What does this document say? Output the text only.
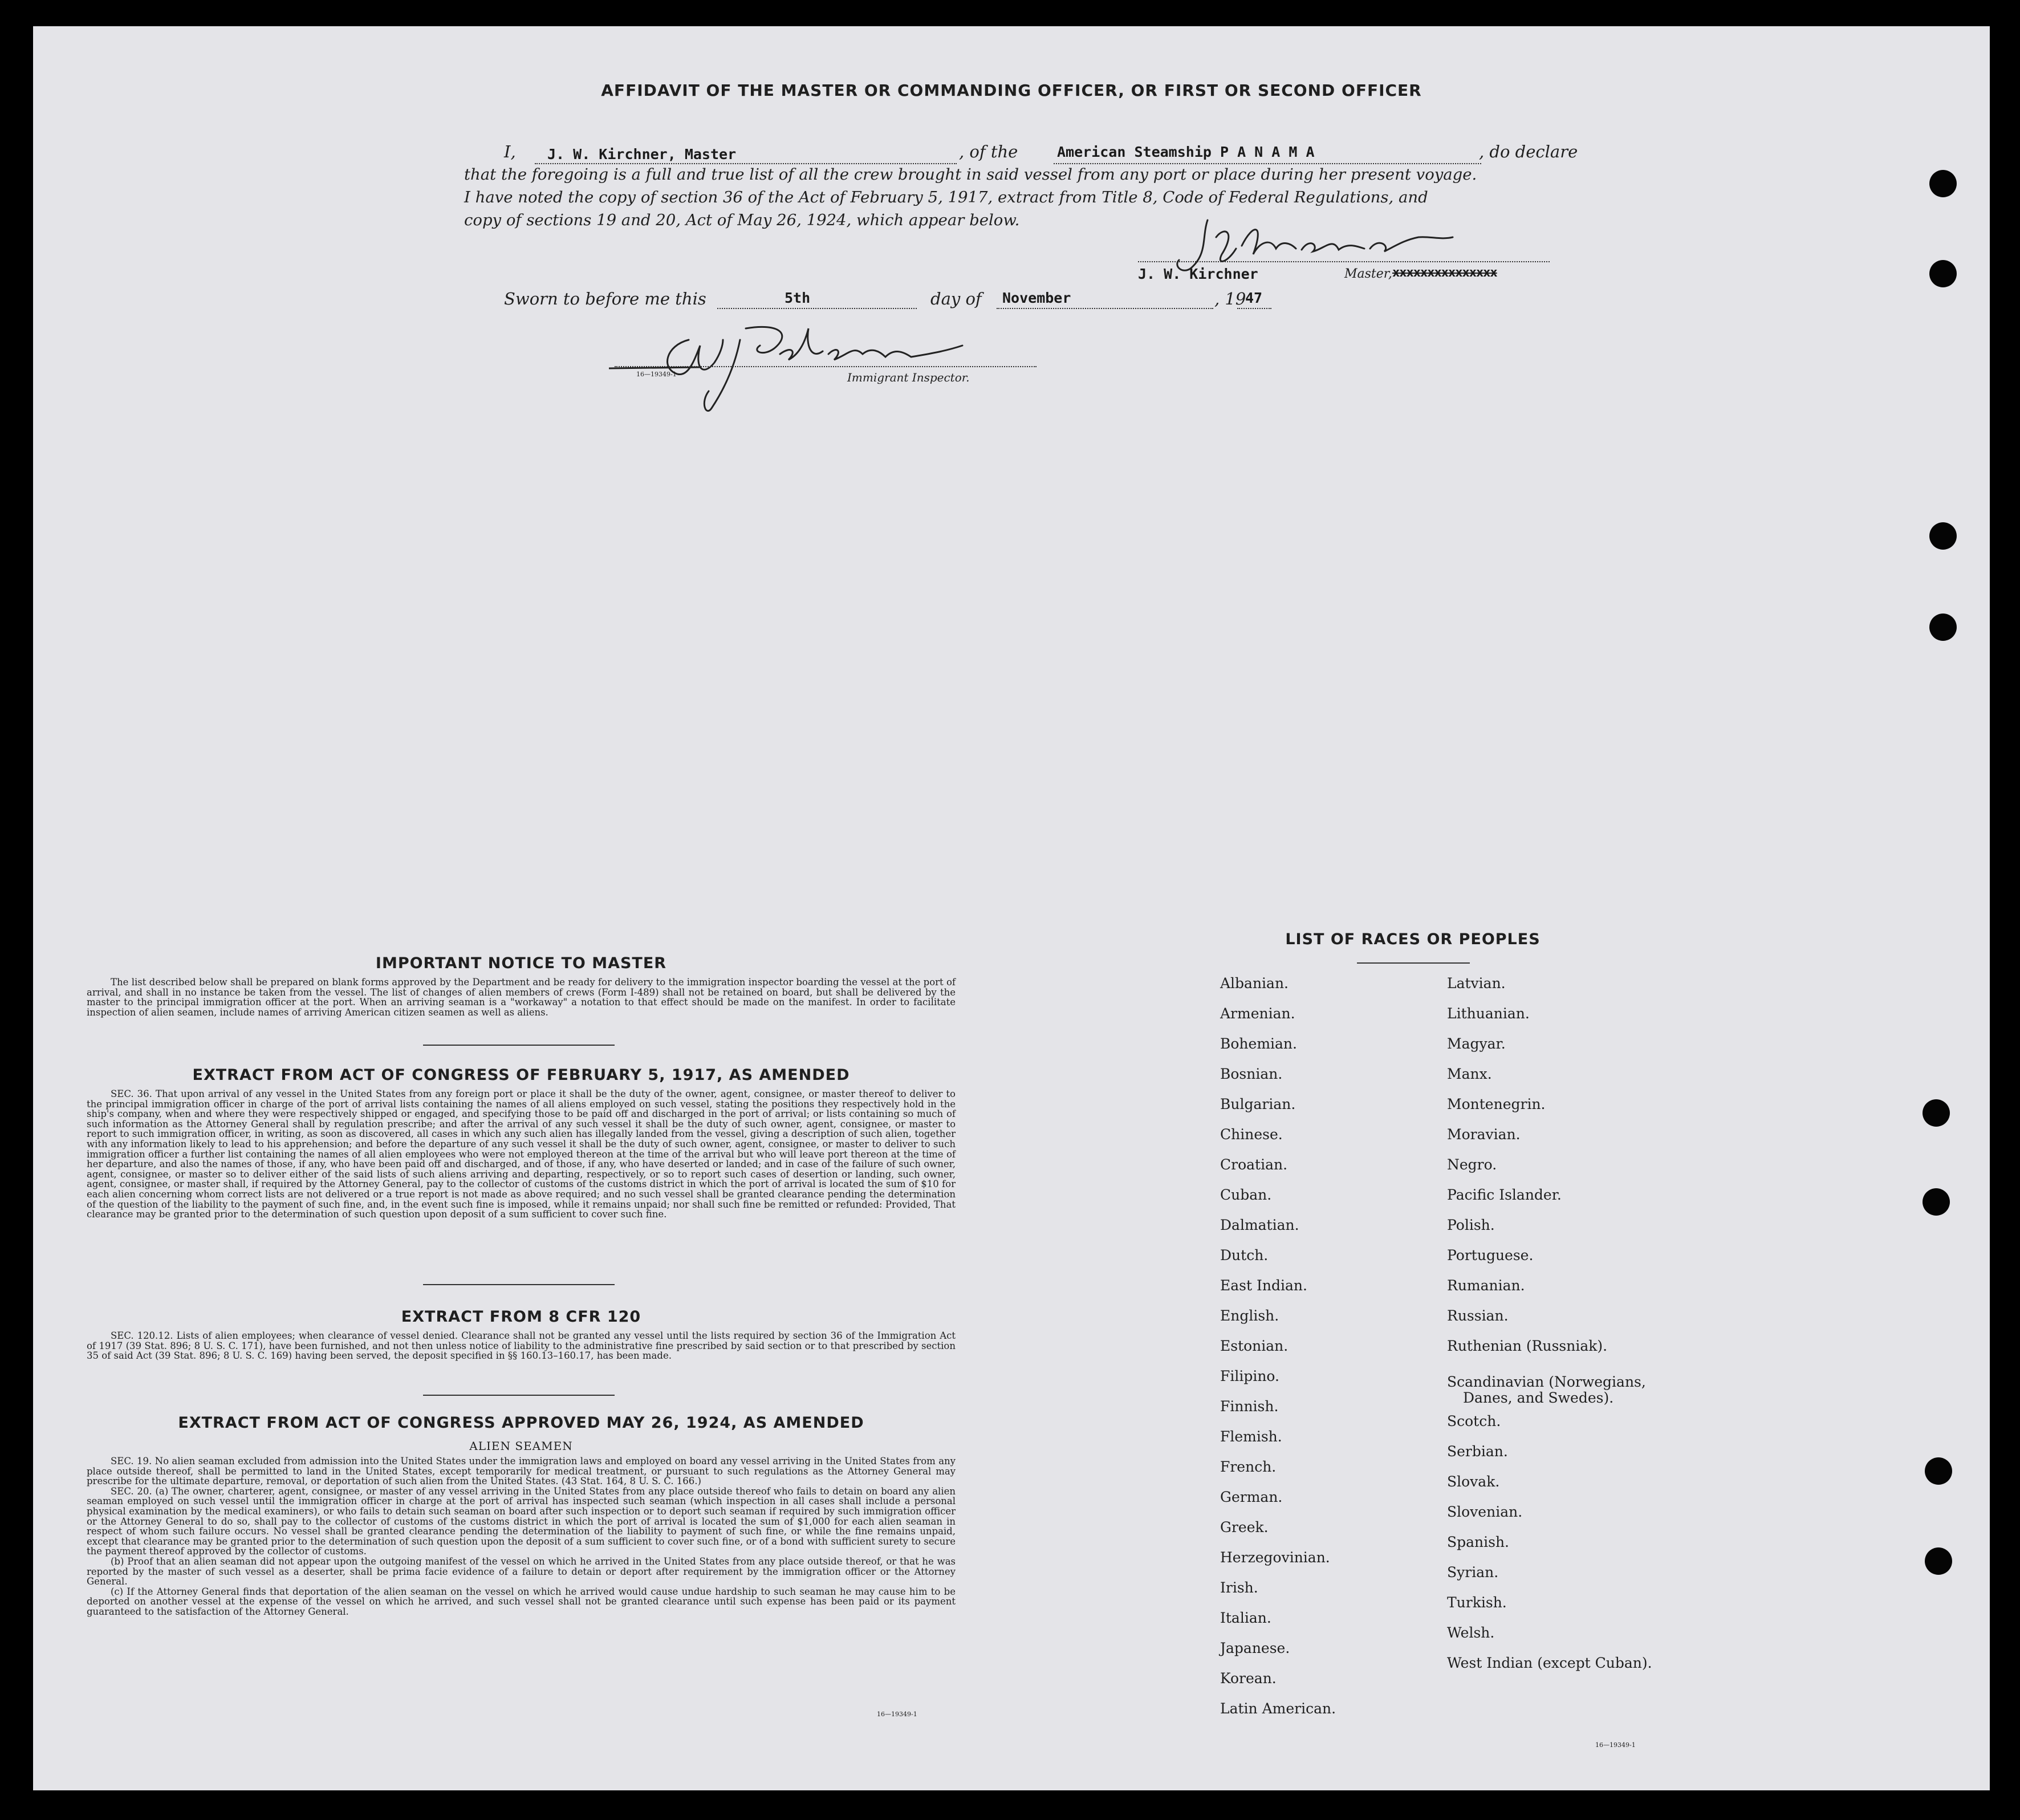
AFFIDAVIT OF THE MASTER OR COMMANDING OFFICER, OR FIRST OR SECOND OFFICER
I, J. W. Kirchner, Master	, of the	American Steamship P A N A M A	, do declare
that the foregoing is a full and true list of all the crew brought in said vessel from any port or place during her present voyage.
I have noted the copy of section 36 of the Act of February 5, 1917, extract from Title 8, Code of Federal Regulations, and
copy of sections 19 and 20, Act of May 26, 1924, which appear below.
J. W. Kirchner	Master, xxxxxxxxxxxxxxx
Sworn to before me this	5th	day of November	, 19
47
16—19349-1	Immigrant Inspector.
IMPORTANT NOTICE TO MASTER

The list described below shall be prepared on blank forms approved by the Department and be ready for delivery to the immigration inspector boarding the vessel at the port of arrival, and shall in no instance be taken from the vessel. The list of changes of alien members of crews (Form I-489) shall not be retained on board, but shall be delivered by the master to the principal immigration officer at the port. When an arriving seaman is a "workaway" a notation to that effect should be made on the manifest. In order to facilitate inspection of alien seamen, include names of arriving American citizen seamen as well as aliens.

EXTRACT FROM ACT OF CONGRESS OF FEBRUARY 5, 1917, AS AMENDED

SEC. 36. That upon arrival of any vessel in the United States from any foreign port or place it shall be the duty of the owner, agent, consignee, or master thereof to deliver to the principal immigration officer in charge of the port of arrival lists containing the names of all aliens employed on such vessel, stating the positions they respectively hold in the ship's company, when and where they were respectively shipped or engaged, and specifying those to be paid off and discharged in the port of arrival; or lists containing so much of such information as the Attorney General shall by regulation prescribe; and after the arrival of any such vessel it shall be the duty of such owner, agent, consignee, or master to report to such immigration officer, in writing, as soon as discovered, all cases in which any such alien has illegally landed from the vessel, giving a description of such alien, together with any information likely to lead to his apprehension; and before the departure of any such vessel it shall be the duty of such owner, agent, consignee, or master to deliver to such immigration officer a further list containing the names of all alien employees who were not employed thereon at the time of the arrival but who will leave port thereon at the time of her departure, and also the names of those, if any, who have been paid off and discharged, and of those, if any, who have deserted or landed; and in case of the failure of such owner, agent, consignee, or master so to deliver either of the said lists of such aliens arriving and departing, respectively, or so to report such cases of desertion or landing, such owner, agent, consignee, or master shall, if required by the Attorney General, pay to the collector of customs of the customs district in which the port of arrival is located the sum of $10 for each alien concerning whom correct lists are not delivered or a true report is not made as above required; and no such vessel shall be granted clearance pending the determination of the question of the liability to the payment of such fine, and, in the event such fine is imposed, while it remains unpaid; nor shall such fine be remitted or refunded: Provided, That clearance may be granted prior to the determination of such question upon deposit of a sum sufficient to cover such fine.

EXTRACT FROM 8 CFR 120

SEC. 120.12. Lists of alien employees; when clearance of vessel denied. Clearance shall not be granted any vessel until the lists required by section 36 of the Immigration Act of 1917 (39 Stat. 896; 8 U. S. C. 171), have been furnished, and not then unless notice of liability to the administrative fine prescribed by said section or to that prescribed by section 35 of said Act (39 Stat. 896; 8 U. S. C. 169) having been served, the deposit specified in §§ 160.13–160.17, has been made.

EXTRACT FROM ACT OF CONGRESS APPROVED MAY 26, 1924, AS AMENDED
ALIEN SEAMEN

SEC. 19. No alien seaman excluded from admission into the United States under the immigration laws and employed on board any vessel arriving in the United States from any place outside thereof, shall be permitted to land in the United States, except temporarily for medical treatment, or pursuant to such regulations as the Attorney General may prescribe for the ultimate departure, removal, or deportation of such alien from the United States. (43 Stat. 164, 8 U. S. C. 166.)

SEC. 20. (a) The owner, charterer, agent, consignee, or master of any vessel arriving in the United States from any place outside thereof who fails to detain on board any alien seaman employed on such vessel until the immigration officer in charge at the port of arrival has inspected such seaman (which inspection in all cases shall include a personal physical examination by the medical examiners), or who fails to detain such seaman on board after such inspection or to deport such seaman if required by such immigration officer or the Attorney General to do so, shall pay to the collector of customs of the customs district in which the port of arrival is located the sum of $1,000 for each alien seaman in respect of whom such failure occurs. No vessel shall be granted clearance pending the determination of the liability to payment of such fine, or while the fine remains unpaid, except that clearance may be granted prior to the determination of such question upon the deposit of a sum sufficient to cover such fine, or of a bond with sufficient surety to secure the payment thereof approved by the collector of customs.

(b) Proof that an alien seaman did not appear upon the outgoing manifest of the vessel on which he arrived in the United States from any place outside thereof, or that he was reported by the master of such vessel as a deserter, shall be prima facie evidence of a failure to detain or deport after requirement by the immigration officer or the Attorney General.

(c) If the Attorney General finds that deportation of the alien seaman on the vessel on which he arrived would cause undue hardship to such seaman he may cause him to be deported on another vessel at the expense of the vessel on which he arrived, and such vessel shall not be granted clearance until such expense has been paid or its payment guaranteed to the satisfaction of the Attorney General.

16—19349-1
LIST OF RACES OR PEOPLES
Albanian.
Armenian.
Bohemian.
Bosnian.
Bulgarian.
Chinese.
Croatian.
Cuban.
Dalmatian.
Dutch.
East Indian.
English.
Estonian.
Filipino.
Finnish.
Flemish.
French.
German.
Greek.
Herzegovinian.
Irish.
Italian.
Japanese.
Korean.
Latin American.
Latvian.
Lithuanian.
Magyar.
Manx.
Montenegrin.
Moravian.
Negro.
Pacific Islander.
Polish.
Portuguese.
Rumanian.
Russian.
Ruthenian (Russniak).
Scandinavian (Norwegians,
Danes, and Swedes).
Scotch.
Serbian.
Slovak.
Slovenian.
Spanish.
Syrian.
Turkish.
Welsh.
West Indian (except Cuban).
16—19349-1
